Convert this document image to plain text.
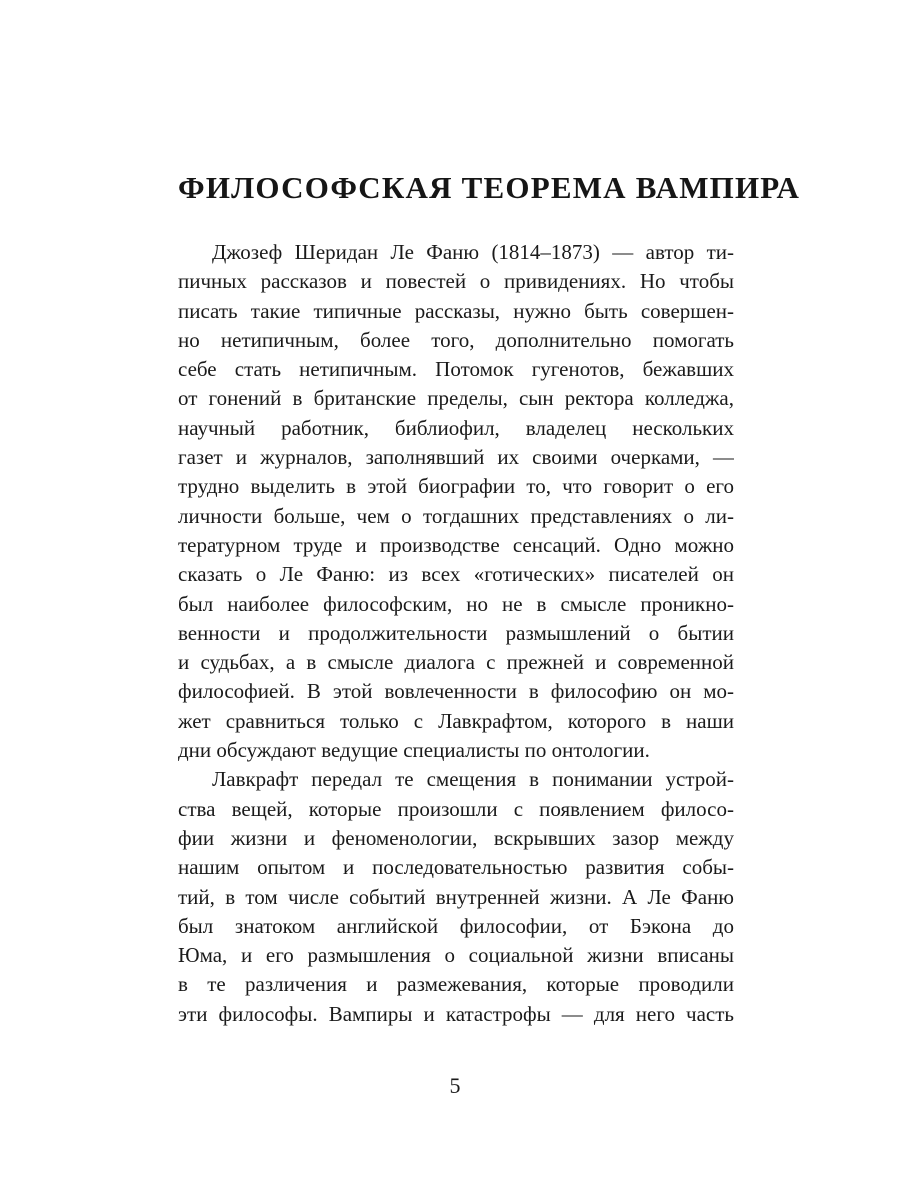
ФИЛОСОФСКАЯ ТЕОРЕМА ВАМПИРА
Джозеф Шеридан Ле Фаню (1814–1873) — автор ти-
пичных рассказов и повестей о привидениях. Но чтобы
писать такие типичные рассказы, нужно быть совершен-
но нетипичным, более того, дополнительно помогать
себе стать нетипичным. Потомок гугенотов, бежавших
от гонений в британские пределы, сын ректора колледжа,
научный работник, библиофил, владелец нескольких
газет и журналов, заполнявший их своими очерками, —
трудно выделить в этой биографии то, что говорит о его
личности больше, чем о тогдашних представлениях о ли-
тературном труде и производстве сенсаций. Одно можно
сказать о Ле Фаню: из всех «готических» писателей он
был наиболее философским, но не в смысле проникно-
венности и продолжительности размышлений о бытии
и судьбах, а в смысле диалога с прежней и современной
философией. В этой вовлеченности в философию он мо-
жет сравниться только с Лавкрафтом, которого в наши
дни обсуждают ведущие специалисты по онтологии.
Лавкрафт передал те смещения в понимании устрой-
ства вещей, которые произошли с появлением филосо-
фии жизни и феноменологии, вскрывших зазор между
нашим опытом и последовательностью развития собы-
тий, в том числе событий внутренней жизни. А Ле Фаню
был знатоком английской философии, от Бэкона до
Юма, и его размышления о социальной жизни вписаны
в те различения и размежевания, которые проводили
эти философы. Вампиры и катастрофы — для него часть
5
